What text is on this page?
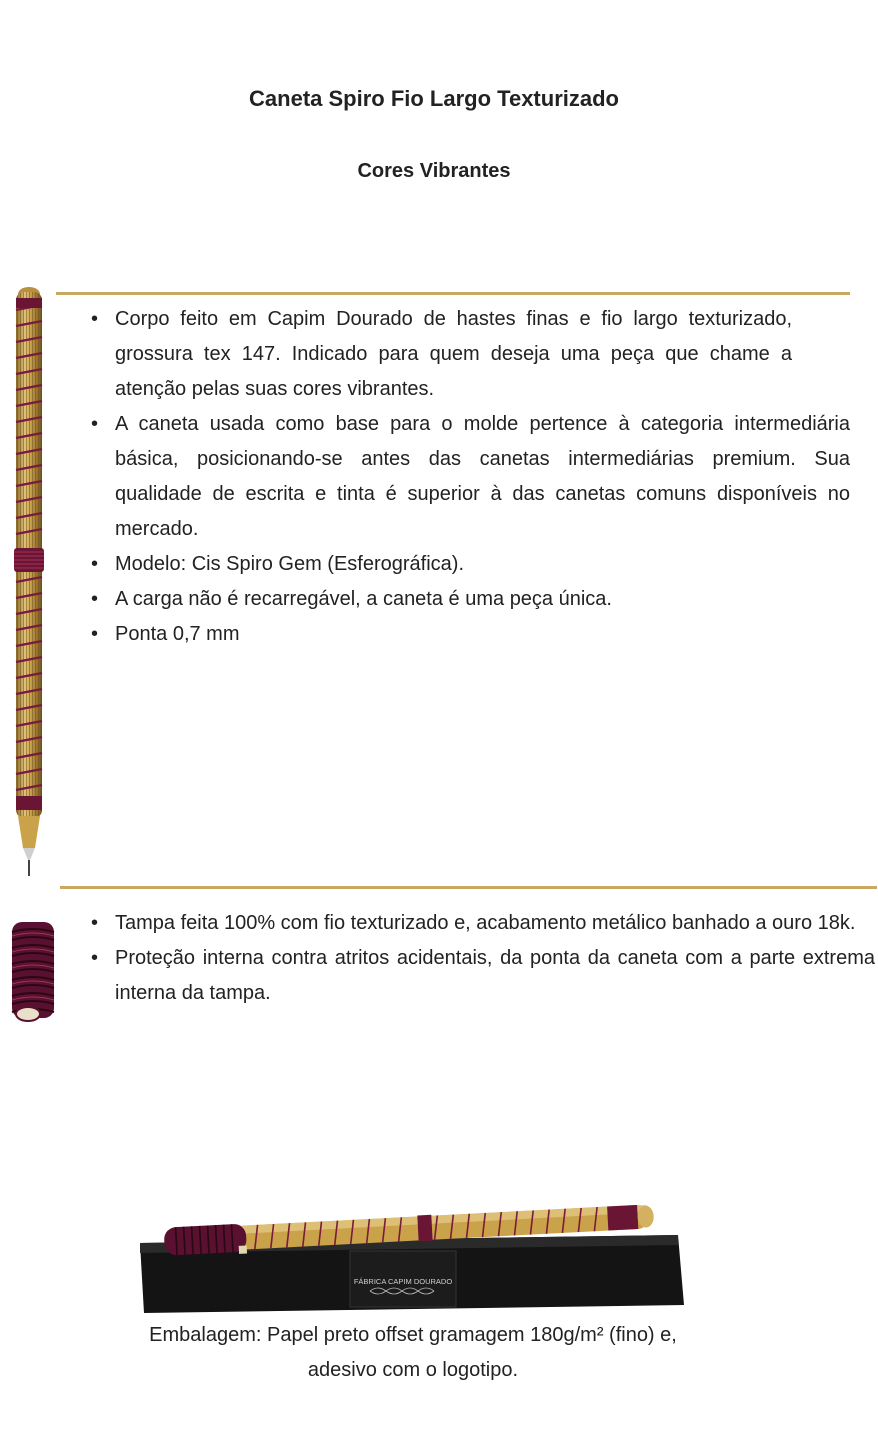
Caneta Spiro Fio Largo Texturizado
Cores Vibrantes
• Corpo feito em Capim Dourado de hastes finas e fio largo texturizado, grossura tex 147. Indicado para quem deseja uma peça que chame a atenção pelas suas cores vibrantes.
• A caneta usada como base para o molde pertence à categoria intermediária básica, posicionando-se antes das canetas intermediárias premium. Sua qualidade de escrita e tinta é superior à das canetas comuns disponíveis no mercado.
• Modelo: Cis Spiro Gem (Esferográfica).
• A carga não é recarregável, a caneta é uma peça única.
• Ponta 0,7 mm
• Tampa feita 100% com fio texturizado e, acabamento metálico banhado a ouro 18k.
• Proteção interna contra atritos acidentais, da ponta da caneta com a parte extrema interna da tampa.
FÁBRICA CAPIM DOURADO
Embalagem: Papel preto offset gramagem 180g/m² (fino) e,
adesivo com o logotipo.
